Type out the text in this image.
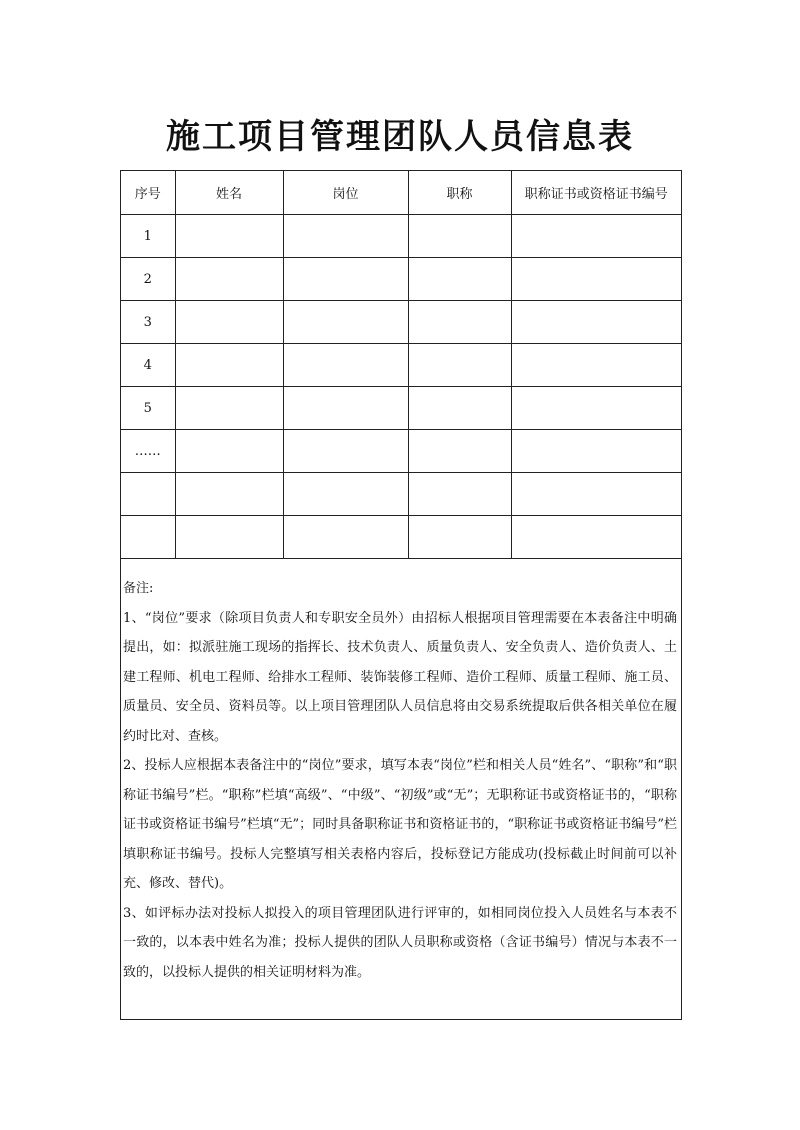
施工项目管理团队人员信息表
序号	姓名	岗位	职称	职称证书或资格证书编号
1				
2				
3				
4				
5				
……				

备注:

1、“岗位”要求（除项目负责人和专职安全员外）由招标人根据项目管理需要在本表备注中明确提出，如：拟派驻施工现场的指挥长、技术负责人、质量负责人、安全负责人、造价负责人、土建工程师、机电工程师、给排水工程师、装饰装修工程师、造价工程师、质量工程师、施工员、质量员、安全员、资料员等。以上项目管理团队人员信息将由交易系统提取后供各相关单位在履约时比对、查核。

2、投标人应根据本表备注中的“岗位”要求，填写本表“岗位”栏和相关人员“姓名”、“职称”和“职称证书编号”栏。“职称”栏填“高级”、“中级”、“初级”或“无”；无职称证书或资格证书的，“职称证书或资格证书编号”栏填“无”；同时具备职称证书和资格证书的，“职称证书或资格证书编号”栏填职称证书编号。投标人完整填写相关表格内容后，投标登记方能成功(投标截止时间前可以补充、修改、替代)。

3、如评标办法对投标人拟投入的项目管理团队进行评审的，如相同岗位投入人员姓名与本表不一致的，以本表中姓名为准；投标人提供的团队人员职称或资格（含证书编号）情况与本表不一致的，以投标人提供的相关证明材料为准。
